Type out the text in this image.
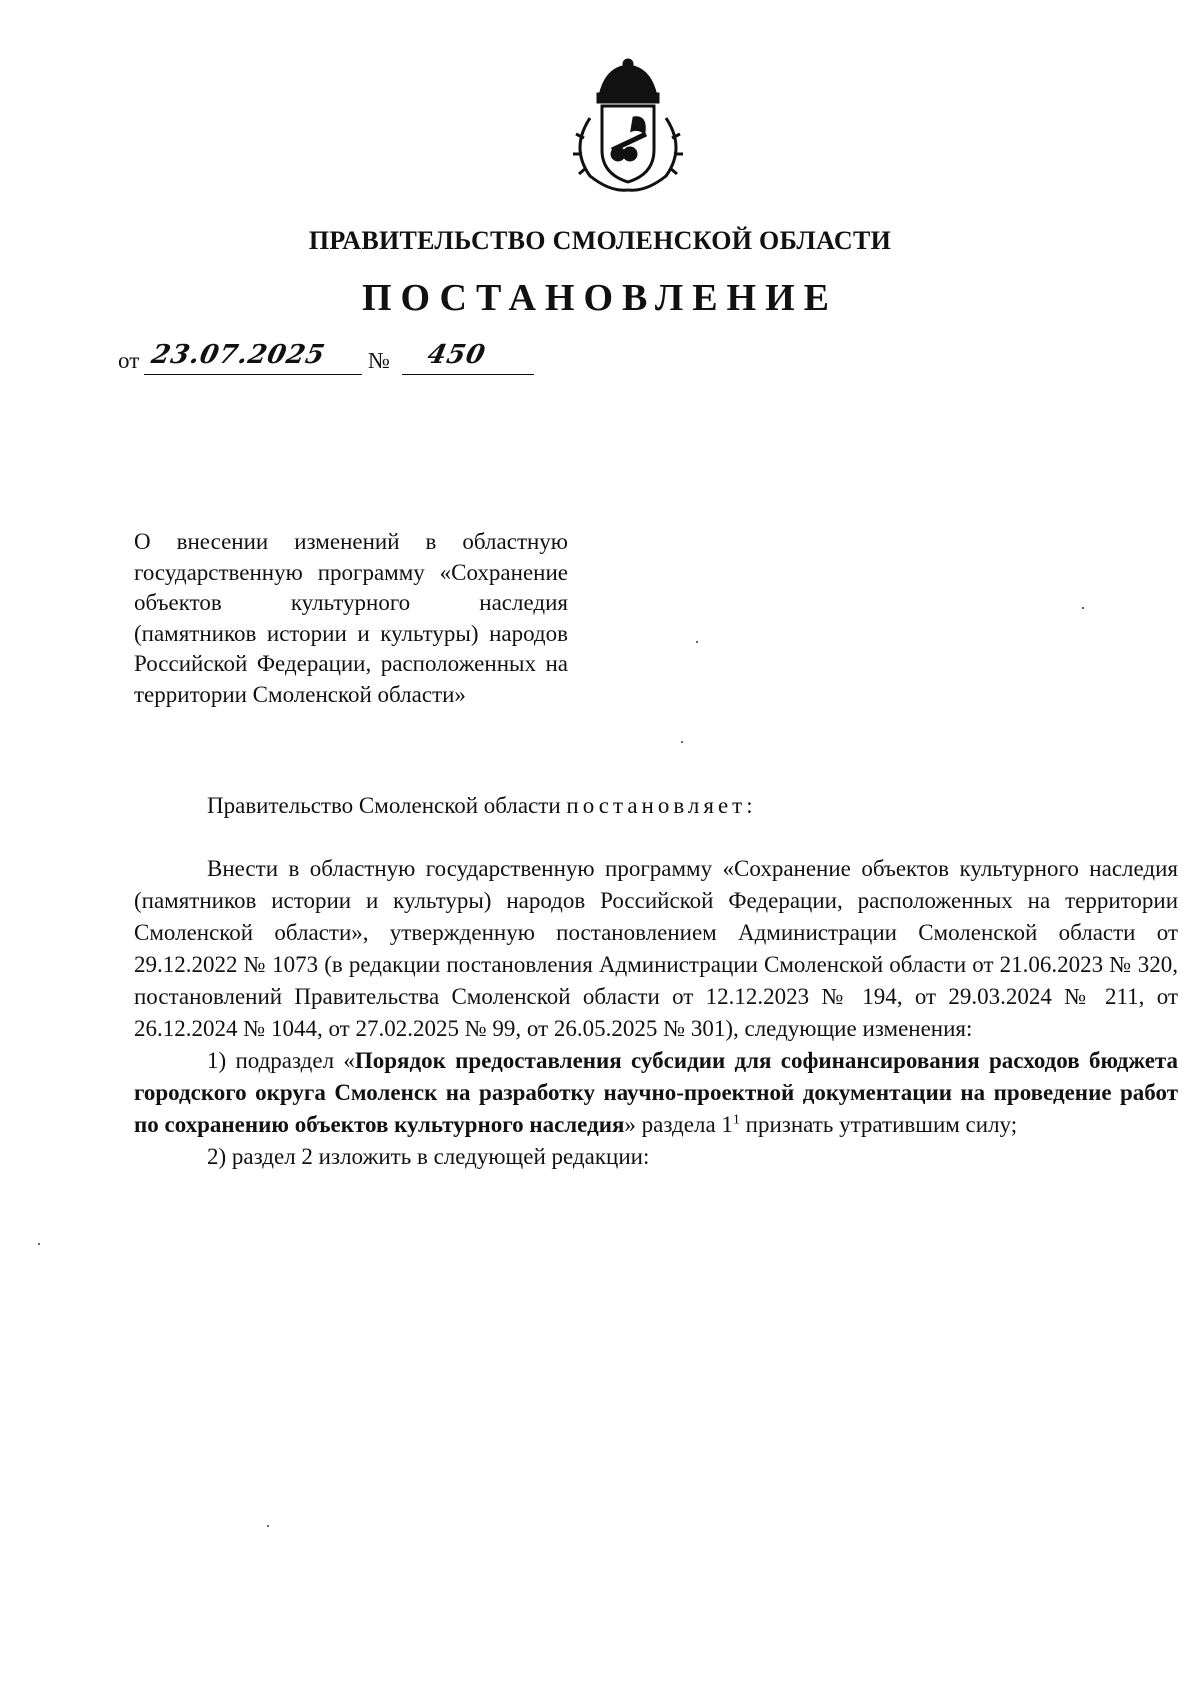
ПРАВИТЕЛЬСТВО СМОЛЕНСКОЙ ОБЛАСТИ
ПОСТАНОВЛЕНИЕ
от 23.07.2025 № 450
О внесении изменений в областную государственную программу «Сохранение объектов культурного наследия (памятников истории и культуры) народов Российской Федерации, расположенных на территории Смоленской области»
Правительство Смоленской области постановляет:

Внести в областную государственную программу «Сохранение объектов культурного наследия (памятников истории и культуры) народов Российской Федерации, расположенных на территории Смоленской области», утвержденную постановлением Администрации Смоленской области от 29.12.2022 № 1073 (в редакции постановления Администрации Смоленской области от 21.06.2023 № 320, постановлений Правительства Смоленской области от 12.12.2023 № 194, от 29.03.2024 № 211, от 26.12.2024 № 1044, от 27.02.2025 № 99, от 26.05.2025 № 301), следующие изменения:

1) подраздел «Порядок предоставления субсидии для софинансирования расходов бюджета городского округа Смоленск на разработку научно-проектной документации на проведение работ по сохранению объектов культурного наследия» раздела $1^1$ признать утратившим силу;

2) раздел 2 изложить в следующей редакции:
